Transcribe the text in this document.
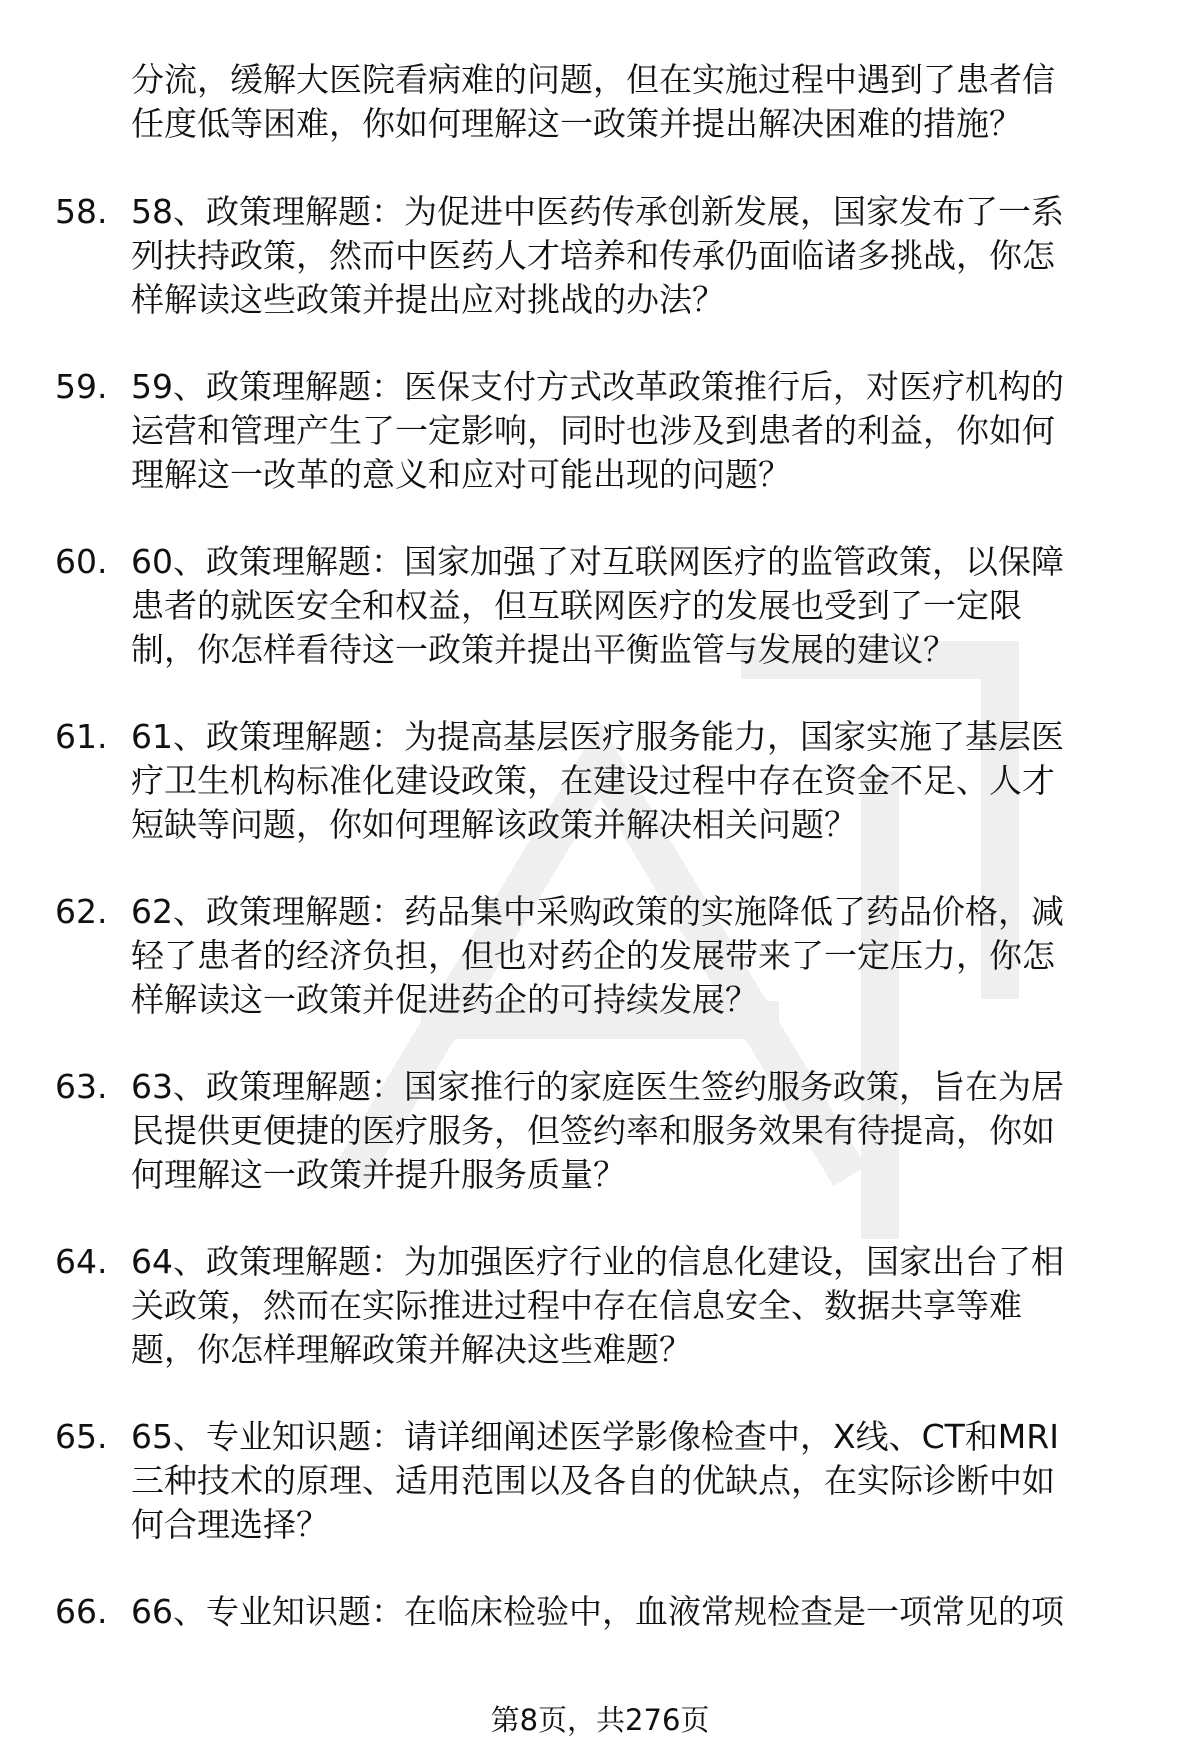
分流，缓解大医院看病难的问题，但在实施过程中遇到了患者信
任度低等困难，你如何理解这一政策并提出解决困难的措施？
58. 58、政策理解题：为促进中医药传承创新发展，国家发布了一系
列扶持政策，然而中医药人才培养和传承仍面临诸多挑战，你怎
样解读这些政策并提出应对挑战的办法？
59. 59、政策理解题：医保支付方式改革政策推行后，对医疗机构的
运营和管理产生了一定影响，同时也涉及到患者的利益，你如何
理解这一改革的意义和应对可能出现的问题？
60. 60、政策理解题：国家加强了对互联网医疗的监管政策，以保障
患者的就医安全和权益，但互联网医疗的发展也受到了一定限
制，你怎样看待这一政策并提出平衡监管与发展的建议？
61. 61、政策理解题：为提高基层医疗服务能力，国家实施了基层医
疗卫生机构标准化建设政策，在建设过程中存在资金不足、人才
短缺等问题，你如何理解该政策并解决相关问题？
62. 62、政策理解题：药品集中采购政策的实施降低了药品价格，减
轻了患者的经济负担，但也对药企的发展带来了一定压力，你怎
样解读这一政策并促进药企的可持续发展？
63. 63、政策理解题：国家推行的家庭医生签约服务政策，旨在为居
民提供更便捷的医疗服务，但签约率和服务效果有待提高，你如
何理解这一政策并提升服务质量？
64. 64、政策理解题：为加强医疗行业的信息化建设，国家出台了相
关政策，然而在实际推进过程中存在信息安全、数据共享等难
题，你怎样理解政策并解决这些难题？
65. 65、专业知识题：请详细阐述医学影像检查中，X线、CT和MRI
三种技术的原理、适用范围以及各自的优缺点，在实际诊断中如
何合理选择？
66. 66、专业知识题：在临床检验中，血液常规检查是一项常见的项
第8页，共276页
